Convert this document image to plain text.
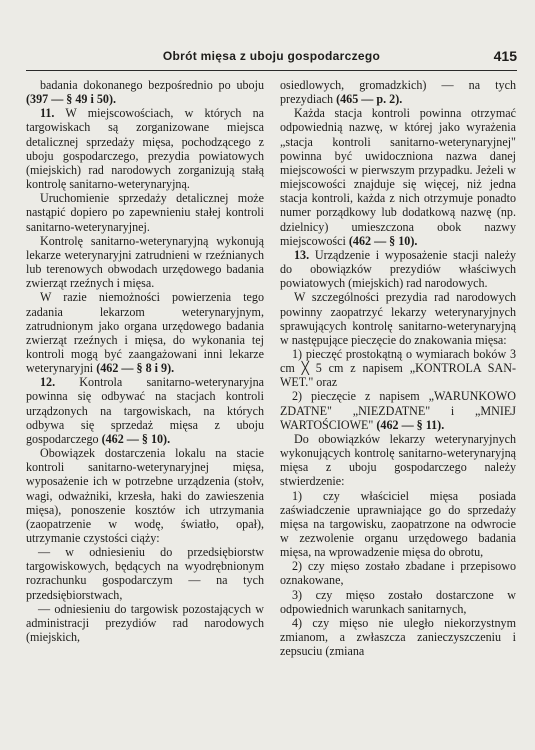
Obrót mięsa z uboju gospodarczego	415

badania dokonanego bezpośrednio po uboju (397 — § 49 i 50).

11. W miejscowościach, w których na targowiskach są zorganizowane miejsca detalicznej sprzedaży mięsa, pochodzącego z uboju gospodarczego, prezydia powiatowych (miejskich) rad narodowych zorganizują stałą kontrolę sanitarno-weterynaryjną.

Uruchomienie sprzedaży detalicznej może nastąpić dopiero po zapewnieniu stałej kontroli sanitarno-weterynaryjnej.

Kontrolę sanitarno-weterynaryjną wykonują lekarze weterynaryjni zatrudnieni w rzeźnianych lub terenowych obwodach urzędowego badania zwierząt rzeźnych i mięsa.

W razie niemożności powierzenia tego zadania lekarzom weterynaryjnym, zatrudnionym jako organa urzędowego badania zwierząt rzeźnych i mięsa, do wykonania tej kontroli mogą być zaangażowani inni lekarze weterynaryjni (462 — § 8 i 9).

12. Kontrola sanitarno-weterynaryjna powinna się odbywać na stacjach kontroli urządzonych na targowiskach, na których odbywa się sprzedaż mięsa z uboju gospodarczego (462 — § 10).

Obowiązek dostarczenia lokalu na stacie kontroli sanitarno-weterynaryjnej mięsa, wyposażenie ich w potrzebne urządzenia (stołv, wagi, odważniki, krzesła, haki do zawieszenia mięsa), ponoszenie kosztów ich utrzymania (zaopatrzenie w wodę, światło, opał), utrzymanie czystości ciąży:

— w odniesieniu do przedsiębiorstw targowiskowych, będących na wyodrębnionym rozrachunku gospodarczym — na tych przedsiębiorstwach,

— odniesieniu do targowisk pozostających w administracji prezydiów rad narodowych (miejskich,

osiedlowych, gromadzkich) — na tych prezydiach (465 — p. 2).

Każda stacja kontroli powinna otrzymać odpowiednią nazwę, w której jako wyrażenia „stacja kontroli sanitarno-weterynaryjnej" powinna być uwidoczniona nazwa danej miejscowości w pierwszym przypadku. Jeżeli w miejscowości znajduje się więcej, niż jedna stacja kontroli, każda z nich otrzymuje ponadto numer porządkowy lub dodatkową nazwę (np. dzielnicy) umieszczona obok nazwy miejscowości (462 — § 10).

13. Urządzenie i wyposażenie stacji należy do obowiązków prezydiów właściwych powiatowych (miejskich) rad narodowych.

W szczególności prezydia rad narodowych powinny zaopatrzyć lekarzy weterynaryjnych sprawujących kontrolę sanitarno-weterynaryjną w następujące pieczęcie do znakowania mięsa:

1) pieczęć prostokątną o wymiarach boków 3 cm ╳ 5 cm z napisem „KONTROLA SAN-WET." oraz

2) pieczęcie z napisem „WARUNKOWO ZDATNE" „NIEZDATNE" i „MNIEJ WARTOŚCIOWE" (462 — § 11).

Do obowiązków lekarzy weterynaryjnych wykonujących kontrolę sanitarno-weterynaryjną mięsa z uboju gospodarczego należy stwierdzenie:

1) czy właściciel mięsa posiada zaświadczenie uprawniające go do sprzedaży mięsa na targowisku, zaopatrzone na odwrocie w zezwolenie organu urzędowego badania mięsa, na wprowadzenie mięsa do obrotu,

2) czy mięso zostało zbadane i przepisowo oznakowane,

3) czy mięso zostało dostarczone w odpowiednich warunkach sanitarnych,

4) czy mięso nie uległo niekorzystnym zmianom, a zwłaszcza zanieczyszczeniu i zepsuciu (zmiana
